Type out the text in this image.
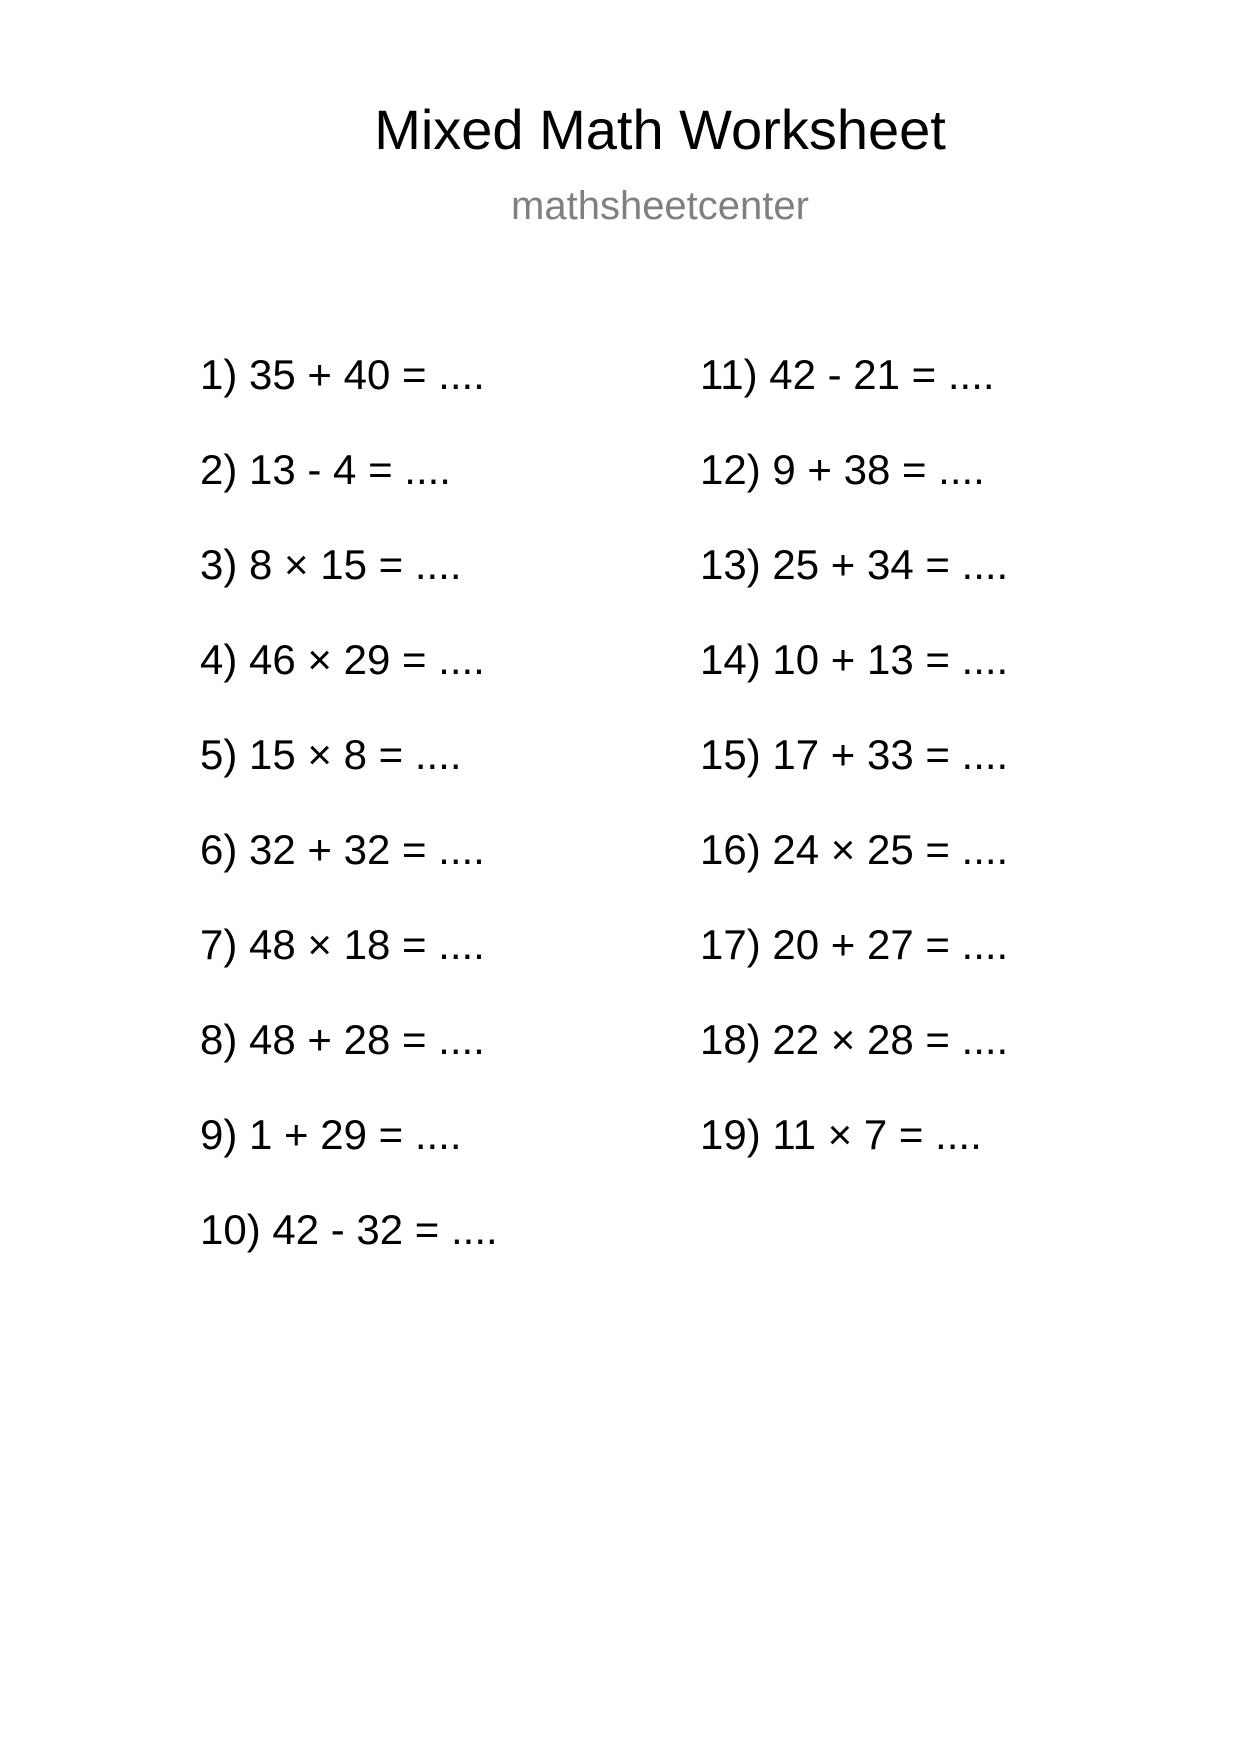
Mixed Math Worksheet
mathsheetcenter
1) 35 + 40 = ....
2) 13 - 4 = ....
3) 8 × 15 = ....
4) 46 × 29 = ....
5) 15 × 8 = ....
6) 32 + 32 = ....
7) 48 × 18 = ....
8) 48 + 28 = ....
9) 1 + 29 = ....
10) 42 - 32 = ....
11) 42 - 21 = ....
12) 9 + 38 = ....
13) 25 + 34 = ....
14) 10 + 13 = ....
15) 17 + 33 = ....
16) 24 × 25 = ....
17) 20 + 27 = ....
18) 22 × 28 = ....
19) 11 × 7 = ....
